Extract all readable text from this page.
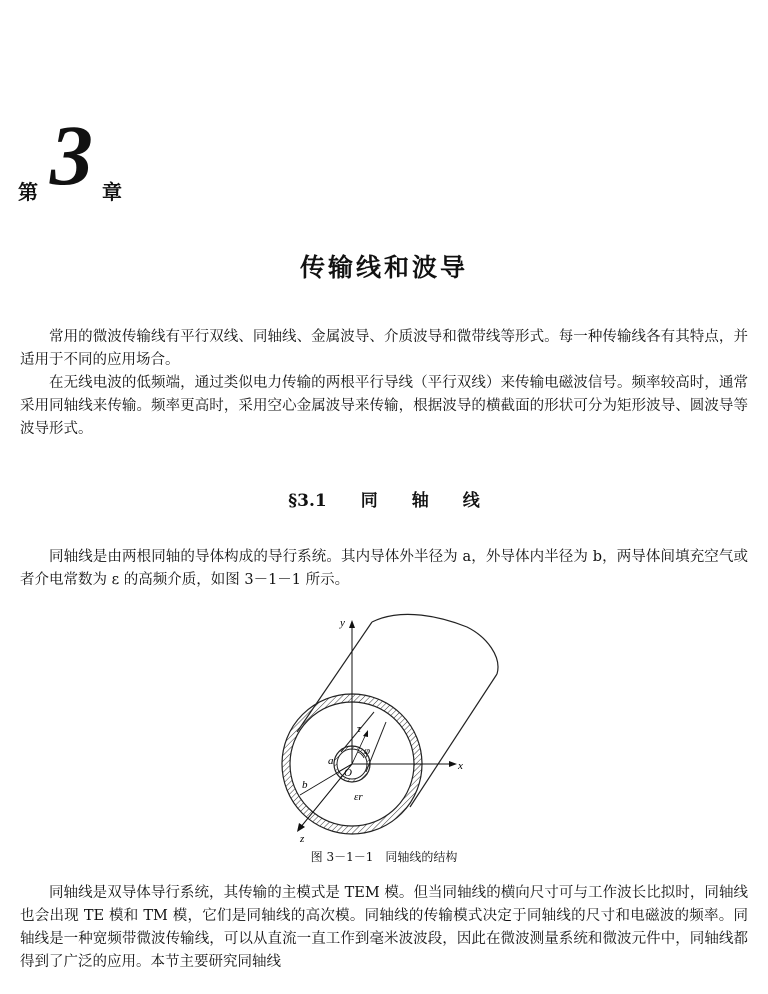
第 3 章
传输线和波导

常用的微波传输线有平行双线、同轴线、金属波导、介质波导和微带线等形式。每一种传输线各有其特点，并适用于不同的应用场合。

在无线电波的低频端，通过类似电力传输的两根平行导线（平行双线）来传输电磁波信号。频率较高时，通常采用同轴线来传输。频率更高时，采用空心金属波导来传输，根据波导的横截面的形状可分为矩形波导、圆波导等波导形式。

§3.1 同 轴 线

同轴线是由两根同轴的导体构成的导行系统。其内导体外半径为 a，外导体内半径为 b，两导体间填充空气或者介电常数为 ε 的高频介质，如图 3－1－1 所示。

y
x
z
τ
φ
a
O
b
εr
图 3－1－1　同轴线的结构

同轴线是双导体导行系统，其传输的主模式是 TEM 模。但当同轴线的横向尺寸可与工作波长比拟时，同轴线也会出现 TE 模和 TM 模，它们是同轴线的高次模。同轴线的传输模式决定于同轴线的尺寸和电磁波的频率。同轴线是一种宽频带微波传输线，可以从直流一直工作到毫米波波段，因此在微波测量系统和微波元件中，同轴线都得到了广泛的应用。本节主要研究同轴线
